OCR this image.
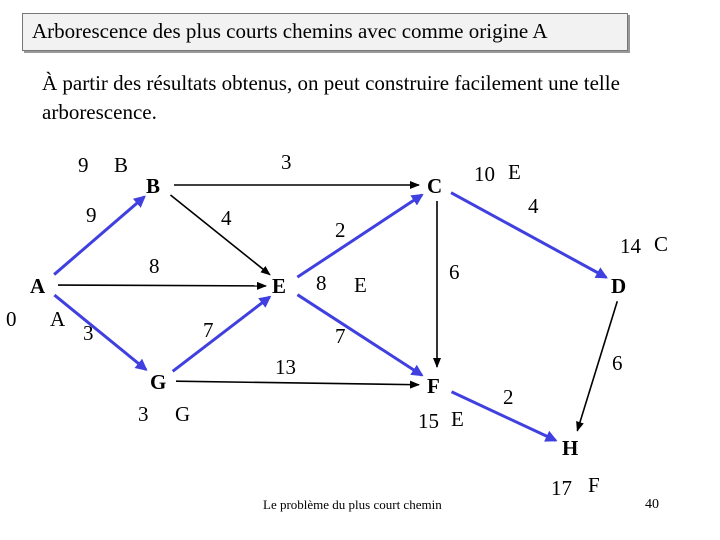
Arborescence des plus courts chemins avec comme origine A
À partir des résultats obtenus, on peut construire facilement une telle arborescence.
A
B	C
D
E
F
G
H
0 A
9 B	10 E
14 C
8 E
15 E
3 G
17 F
9
3
4
8
3	7
2
7
13
6
4
6
2
Le problème du plus court chemin	40
